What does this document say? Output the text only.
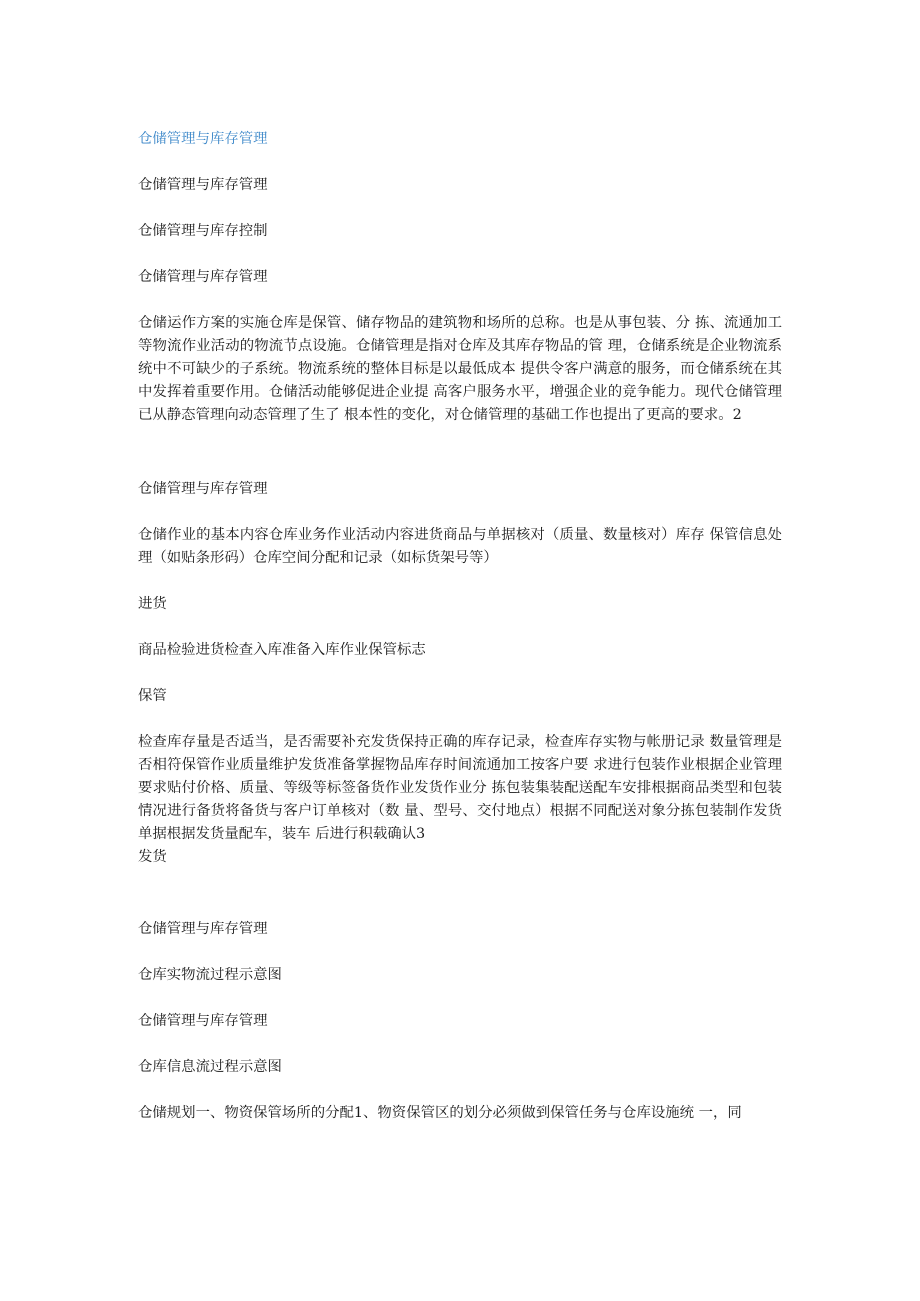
仓储管理与库存管理

仓储管理与库存管理

仓储管理与库存控制

仓储管理与库存管理

仓储运作方案的实施仓库是保管、储存物品的建筑物和场所的总称。也是从事包装、分 拣、流通加工等物流作业活动的物流节点设施。仓储管理是指对仓库及其库存物品的管 理，仓储系统是企业物流系统中不可缺少的子系统。物流系统的整体目标是以最低成本 提供令客户满意的服务，而仓储系统在其中发挥着重要作用。仓储活动能够促进企业提 高客户服务水平，增强企业的竞争能力。现代仓储管理已从静态管理向动态管理了生了 根本性的变化，对仓储管理的基础工作也提出了更高的要求。2

仓储管理与库存管理

仓储作业的基本内容仓库业务作业活动内容进货商品与单据核对（质量、数量核对）库存 保管信息处理（如贴条形码）仓库空间分配和记录（如标货架号等）

进货

商品检验进货检查入库准备入库作业保管标志

保管

检查库存量是否适当，是否需要补充发货保持正确的库存记录，检查库存实物与帐册记录 数量管理是否相符保管作业质量维护发货准备掌握物品库存时间流通加工按客户要 求进行包装作业根据企业管理要求贴付价格、质量、等级等标签备货作业发货作业分 拣包装集装配送配车安排根据商品类型和包装情况进行备货将备货与客户订单核对（数 量、型号、交付地点）根据不同配送对象分拣包装制作发货单据根据发货量配车，装车 后进行积载确认3

发货

仓储管理与库存管理

仓库实物流过程示意图

仓储管理与库存管理

仓库信息流过程示意图

仓储规划一、物资保管场所的分配1、物资保管区的划分必须做到保管任务与仓库设施统 一，同
